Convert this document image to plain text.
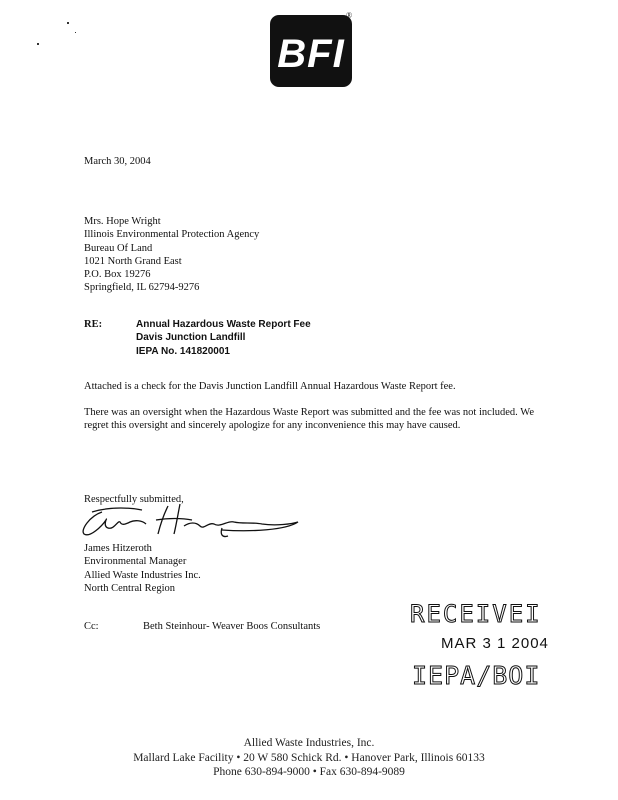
BFI
®
March 30, 2004
Mrs. Hope Wright
Illinois Environmental Protection Agency
Bureau Of Land
1021 North Grand East
P.O. Box 19276
Springfield, IL 62794-9276
RE:	Annual Hazardous Waste Report Fee
Davis Junction Landfill
IEPA No. 141820001
Attached is a check for the Davis Junction Landfill Annual Hazardous Waste Report fee.
There was an oversight when the Hazardous Waste Report was submitted and the fee was not included. We regret this oversight and sincerely apologize for any inconvenience this may have caused.
Respectfully submitted,
James Hitzeroth
Environmental Manager
Allied Waste Industries Inc.
North Central Region
Cc:	Beth Steinhour- Weaver Boos Consultants	RECEIVEI
MAR 3 1 2004
IEPA/BOI
Allied Waste Industries, Inc.
Mallard Lake Facility • 20 W 580 Schick Rd. • Hanover Park, Illinois 60133
Phone 630-894-9000 • Fax 630-894-9089
